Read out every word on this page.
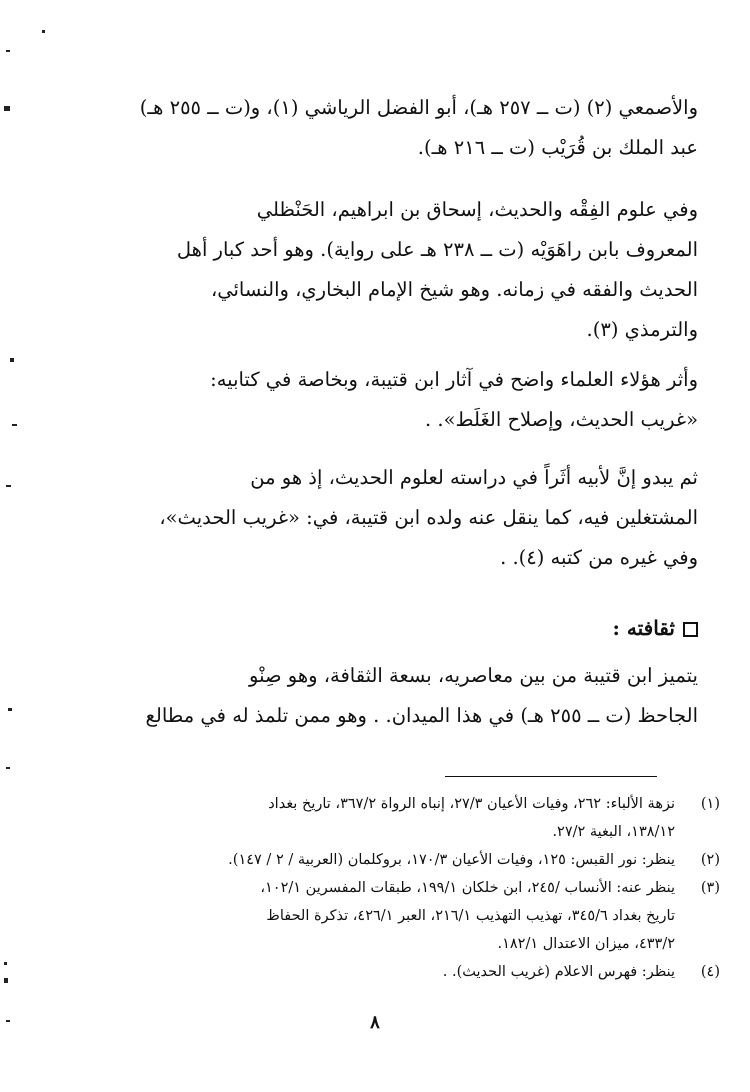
والأصمعي (٢) (ت ــ ٢٥٧ هـ)، أبو الفضل الرياشي (١)، و(ت ــ ٢٥٥ هـ)
عبد الملك بن قُرَيْب (ت ــ ٢١٦ هـ).
وفي علوم الفِقْه والحديث، إسحاق بن ابراهيم، الحَنْظلي
المعروف بابن راهَوَيْه (ت ــ ٢٣٨ هـ على رواية). وهو أحد كبار أهل
الحديث والفقه في زمانه. وهو شيخ الإمام البخاري، والنسائي،
والترمذي (٣).
وأثر هؤلاء العلماء واضح في آثار ابن قتيبة، وبخاصة في كتابيه:
«غريب الحديث، وإصلاح الغَلَط». .
ثم يبدو إنَّ لأبيه أثَراً في دراسته لعلوم الحديث، إذ هو من
المشتغلين فيه، كما ينقل عنه ولده ابن قتيبة، في: «غريب الحديث»،
وفي غيره من كتبه (٤). .
ثقافته :
يتميز ابن قتيبة من بين معاصريه، بسعة الثقافة، وهو صِنْو
الجاحظ (ت ــ ٢٥٥ هـ) في هذا الميدان. . وهو ممن تلمذ له في مطالع
(١)
نزهة الألباء: ٢٦٢، وفيات الأعيان ٢٧/٣، إنباه الرواة ٣٦٧/٢، تاريخ بغداد
١٣٨/١٢، البغية ٢٧/٢.
(٢)
ينظر: نور القبس: ١٢٥، وفيات الأعيان ١٧٠/٣، بروكلمان (العربية / ٢ / ١٤٧).
(٣)
ينظر عنه: الأنساب /٢٤٥، ابن خلكان ١٩٩/١، طبقات المفسرين ١٠٢/١،
تاريخ بغداد ٣٤٥/٦، تهذيب التهذيب ٢١٦/١، العبر ٤٢٦/١، تذكرة الحفاظ
٤٣٣/٢، ميزان الاعتدال ١٨٢/١.
(٤)
ينظر: فهرس الاعلام (غريب الحديث). .
٨
